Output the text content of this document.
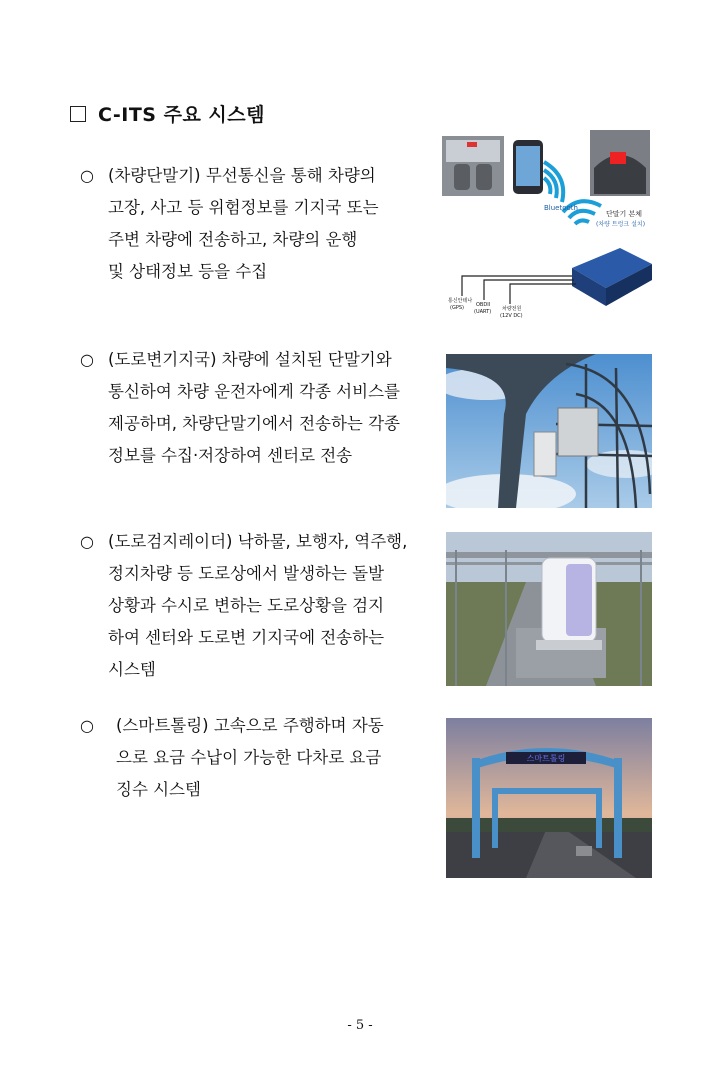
C-ITS 주요 시스템
○ (차량단말기) 무선통신을 통해 차량의
고장, 사고 등 위험정보를 기지국 또는
주변 차량에 전송하고, 차량의 운행
및 상태정보 등을 수집
○ (도로변기지국) 차량에 설치된 단말기와
통신하여 차량 운전자에게 각종 서비스를
제공하며, 차량단말기에서 전송하는 각종
정보를 수집·저장하여 센터로 전송
○ (도로검지레이더) 낙하물, 보행자, 역주행,
정지차량 등 도로상에서 발생하는 돌발
상황과 수시로 변하는 도로상황을 검지
하여 센터와 도로변 기지국에 전송하는
시스템
○ (스마트톨링) 고속으로 주행하며 자동
으로 요금 수납이 가능한 다차로 요금
징수 시스템
Bluetooth
단말기 본체
(차량 트렁크 설치)
통신안테나
(GPS) OBDII
(UART) 차량전원
(12V DC)
스마트톨링
- 5 -
